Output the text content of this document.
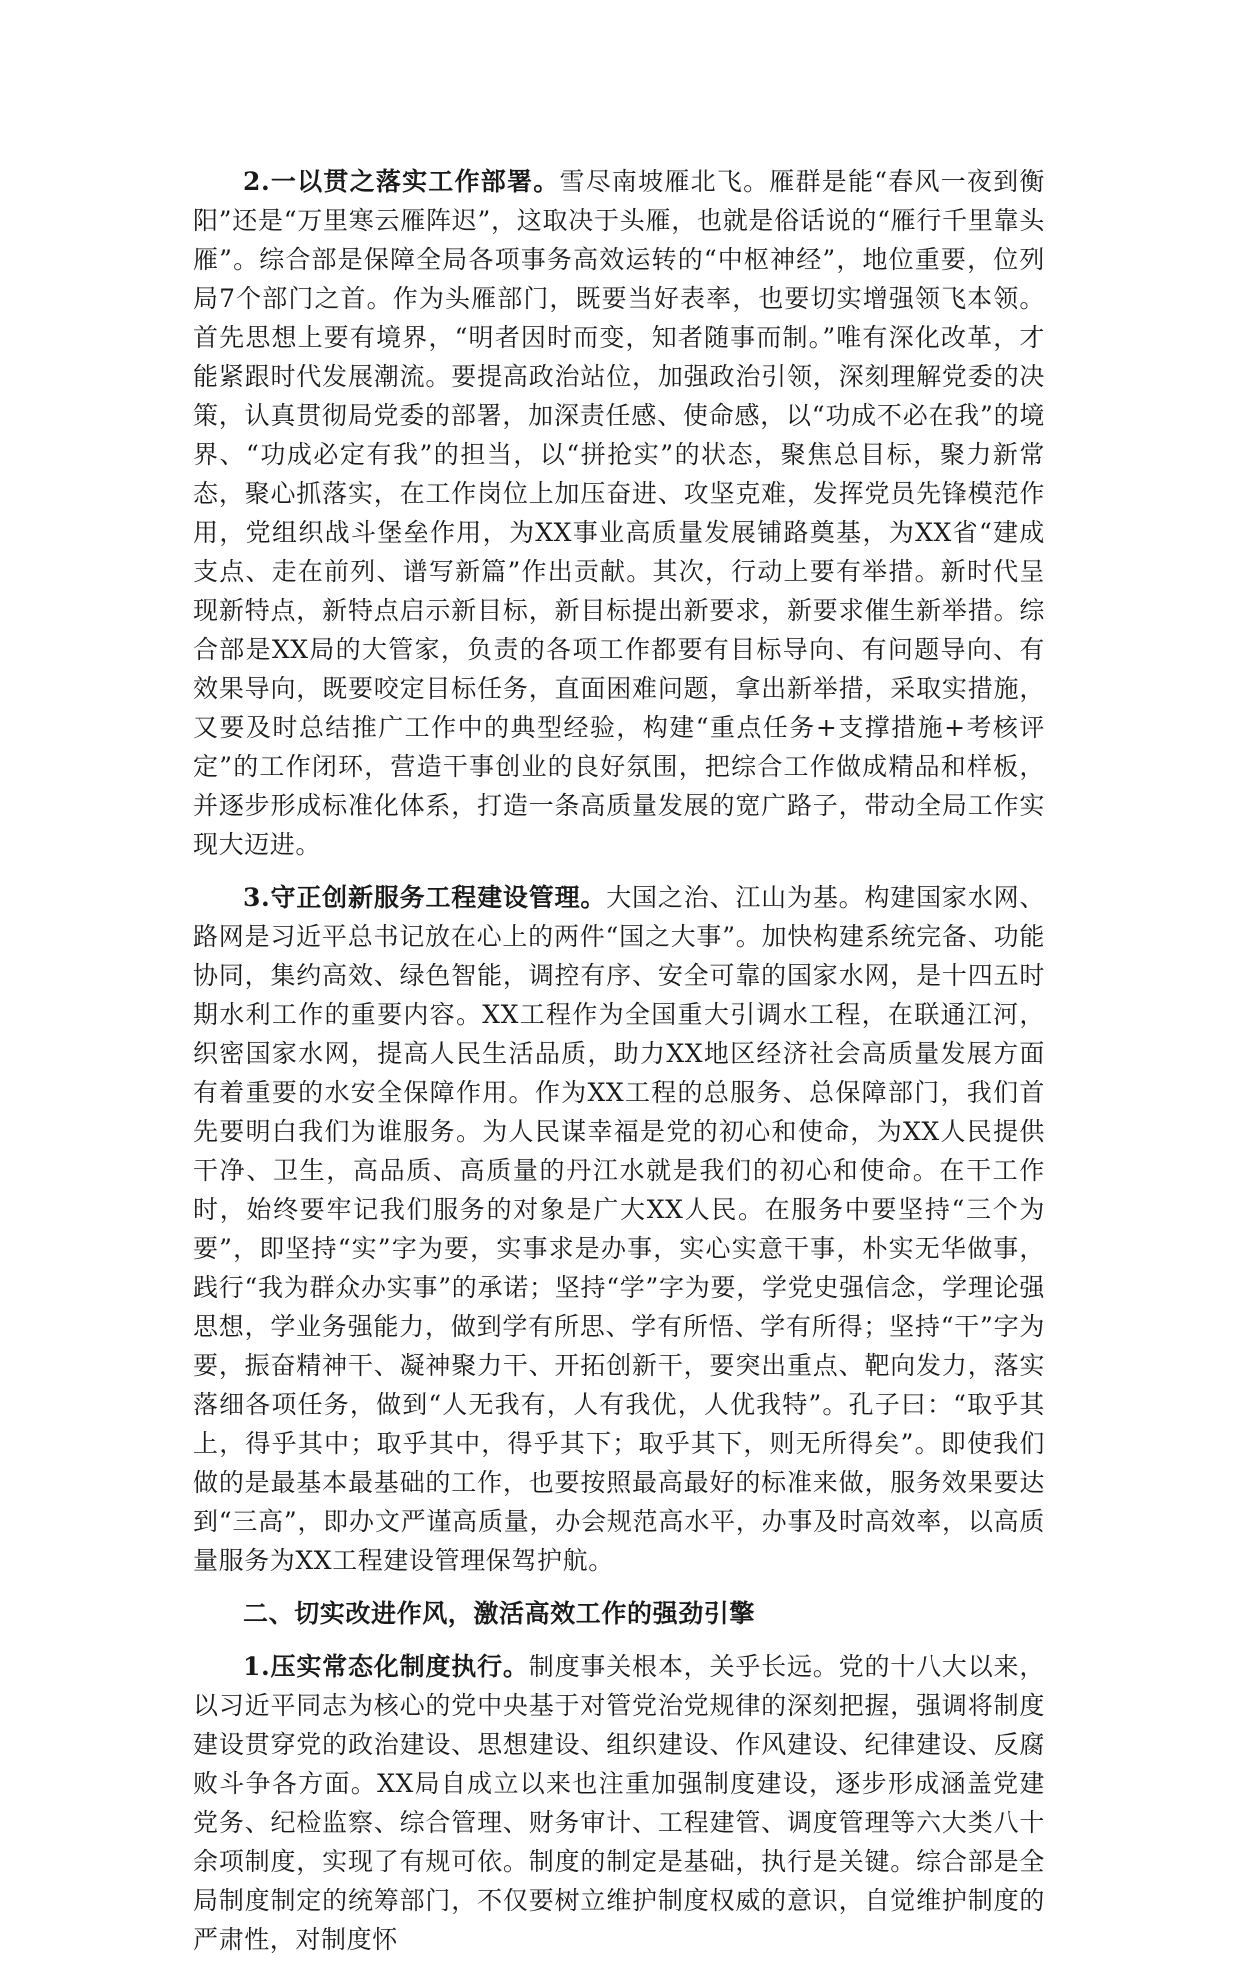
2.一以贯之落实工作部署。雪尽南坡雁北飞。雁群是能“春风一夜到衡阳”还是“万里寒云雁阵迟”，这取决于头雁，也就是俗话说的“雁行千里靠头雁”。综合部是保障全局各项事务高效运转的“中枢神经”，地位重要，位列局7个部门之首。作为头雁部门，既要当好表率，也要切实增强领飞本领。首先思想上要有境界，“明者因时而变，知者随事而制。”唯有深化改革，才能紧跟时代发展潮流。要提高政治站位，加强政治引领，深刻理解党委的决策，认真贯彻局党委的部署，加深责任感、使命感，以“功成不必在我”的境界、“功成必定有我”的担当，以“拼抢实”的状态，聚焦总目标，聚力新常态，聚心抓落实，在工作岗位上加压奋进、攻坚克难，发挥党员先锋模范作用，党组织战斗堡垒作用，为XX事业高质量发展铺路奠基，为XX省“建成支点、走在前列、谱写新篇”作出贡献。其次，行动上要有举措。新时代呈现新特点，新特点启示新目标，新目标提出新要求，新要求催生新举措。综合部是XX局的大管家，负责的各项工作都要有目标导向、有问题导向、有效果导向，既要咬定目标任务，直面困难问题，拿出新举措，采取实措施，又要及时总结推广工作中的典型经验，构建“重点任务+支撑措施+考核评定”的工作闭环，营造干事创业的良好氛围，把综合工作做成精品和样板，并逐步形成标准化体系，打造一条高质量发展的宽广路子，带动全局工作实现大迈进。

3.守正创新服务工程建设管理。大国之治、江山为基。构建国家水网、路网是习近平总书记放在心上的两件“国之大事”。加快构建系统完备、功能协同，集约高效、绿色智能，调控有序、安全可靠的国家水网，是十四五时期水利工作的重要内容。XX工程作为全国重大引调水工程，在联通江河，织密国家水网，提高人民生活品质，助力XX地区经济社会高质量发展方面有着重要的水安全保障作用。作为XX工程的总服务、总保障部门，我们首先要明白我们为谁服务。为人民谋幸福是党的初心和使命，为XX人民提供干净、卫生，高品质、高质量的丹江水就是我们的初心和使命。在干工作时，始终要牢记我们服务的对象是广大XX人民。在服务中要坚持“三个为要”，即坚持“实”字为要，实事求是办事，实心实意干事，朴实无华做事，践行“我为群众办实事”的承诺；坚持“学”字为要，学党史强信念，学理论强思想，学业务强能力，做到学有所思、学有所悟、学有所得；坚持“干”字为要，振奋精神干、凝神聚力干、开拓创新干，要突出重点、靶向发力，落实落细各项任务，做到“人无我有，人有我优，人优我特”。孔子曰：“取乎其上，得乎其中；取乎其中，得乎其下；取乎其下，则无所得矣”。即使我们做的是最基本最基础的工作，也要按照最高最好的标准来做，服务效果要达到“三高”，即办文严谨高质量，办会规范高水平，办事及时高效率，以高质量服务为XX工程建设管理保驾护航。

二、切实改进作风，激活高效工作的强劲引擎

1.压实常态化制度执行。制度事关根本，关乎长远。党的十八大以来，以习近平同志为核心的党中央基于对管党治党规律的深刻把握，强调将制度建设贯穿党的政治建设、思想建设、组织建设、作风建设、纪律建设、反腐败斗争各方面。XX局自成立以来也注重加强制度建设，逐步形成涵盖党建党务、纪检监察、综合管理、财务审计、工程建管、调度管理等六大类八十余项制度，实现了有规可依。制度的制定是基础，执行是关键。综合部是全局制度制定的统筹部门，不仅要树立维护制度权威的意识，自觉维护制度的严肃性，对制度怀
